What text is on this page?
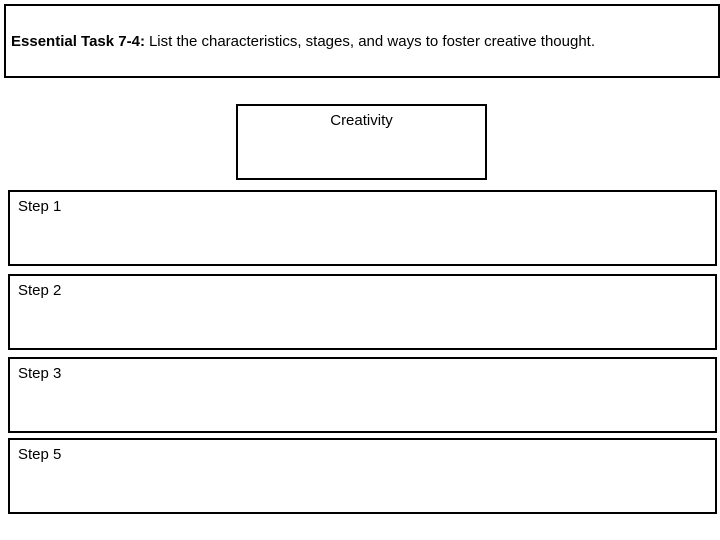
Essential Task 7-4: List the characteristics, stages, and ways to foster creative thought.
Creativity
Step 1
Step 2
Step 3
Step 5
